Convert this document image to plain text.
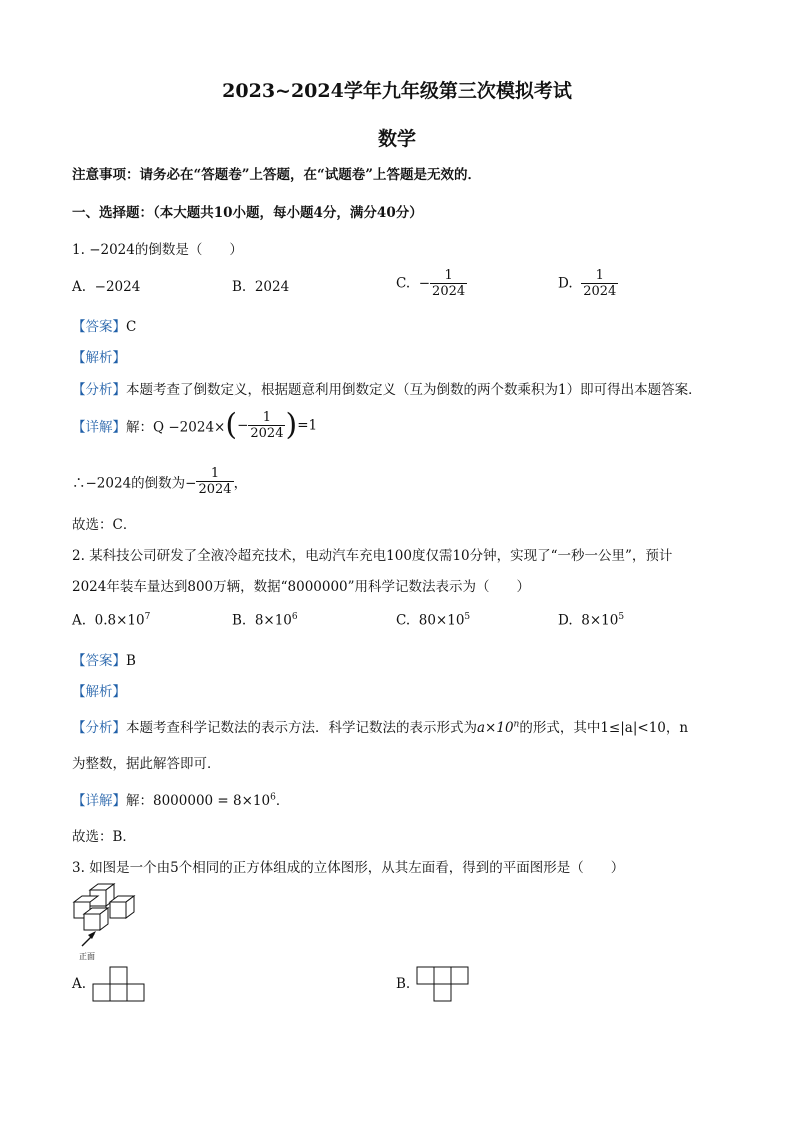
2023~2024学年九年级第三次模拟考试
数学
注意事项：请务必在“答题卷”上答题，在“试题卷”上答题是无效的．
一、选择题：（本大题共10小题，每小题4分，满分40分）
1. −2024的倒数是（　　）
A. −2024	B. 2024	C. − $\frac{1}{2024}$	D. $\frac{1}{2024}$
【答案】C
【解析】
【分析】本题考查了倒数定义，根据题意利用倒数定义（互为倒数的两个数乘积为1）即可得出本题答案．
【详解】解：$Q -2024\times(- \frac{1}{2024} )=1$
∴−2024的倒数为− $\frac{1}{2024}$ ，
故选：C．
2. 某科技公司研发了全液冷超充技术，电动汽车充电100度仅需10分钟，实现了“一秒一公里”，预计
2024年装车量达到800万辆，数据“8000000”用科学记数法表示为（　　）
A. $0.8\times 10^7$	B. $8\times 10^6$	C. $80\times 10^5$	D. $8\times 10^5$
【答案】B
【解析】
【分析】本题考查科学记数法的表示方法．科学记数法的表示形式为$a\times 10^n$的形式，其中1≤|a|<10，n
为整数，据此解答即可．
【详解】解：$8000000 = 8\times 10^6$．
故选：B．
3. 如图是一个由5个相同的正方体组成的立体图形，从其左面看，得到的平面图形是（　　）
正面
A.	B.
